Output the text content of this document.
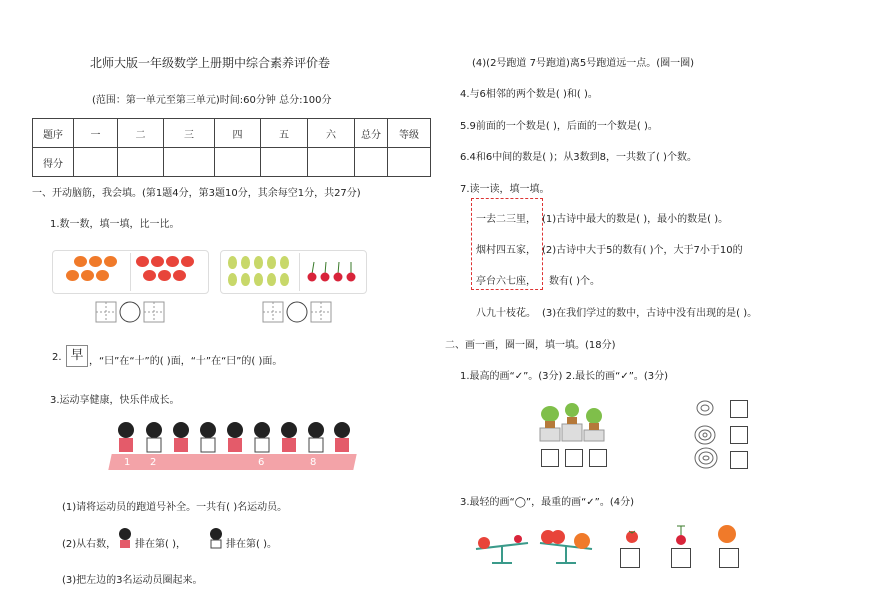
北师大版一年级数学上册期中综合素养评价卷
(范围：第一单元至第三单元)时间:60分钟 总分:100分
题序	一	二	三	四	五	六	总分	等级
得分								
一、开动脑筋，我会填。(第1题4分，第3题10分，其余每空1分，共27分)
1.数一数，填一填，比一比。
2. 早 ，“曰”在“十”的( )面，“十”在“曰”的( )面。
3.运动享健康，快乐伴成长。
1 2	6	8
(1)请将运动员的跑道号补全。一共有( )名运动员。
(2)从右数， 排在第( )，	排在第( )。
(3)把左边的3名运动员圈起来。
(4)(2号跑道 7号跑道)离5号跑道远一点。(圈一圈)
4.与6相邻的两个数是( )和( )。
5.9前面的一个数是( )，后面的一个数是( )。
6.4和6中间的数是( )；从3数到8，一共数了( )个数。
7.读一读，填一填。
一去二三里，
烟村四五家，
亭台六七座，
八九十枝花。
(1)古诗中最大的数是( )，最小的数是( )。
(2)古诗中大于5的数有( )个，大于7小于10的
数有( )个。
(3)在我们学过的数中，古诗中没有出现的是( )。
二、画一画，圈一圈，填一填。(18分)
1.最高的画“✓”。(3分) 2.最长的画“✓”。(3分)
3.最轻的画“◯”，最重的画“✓”。(4分)
